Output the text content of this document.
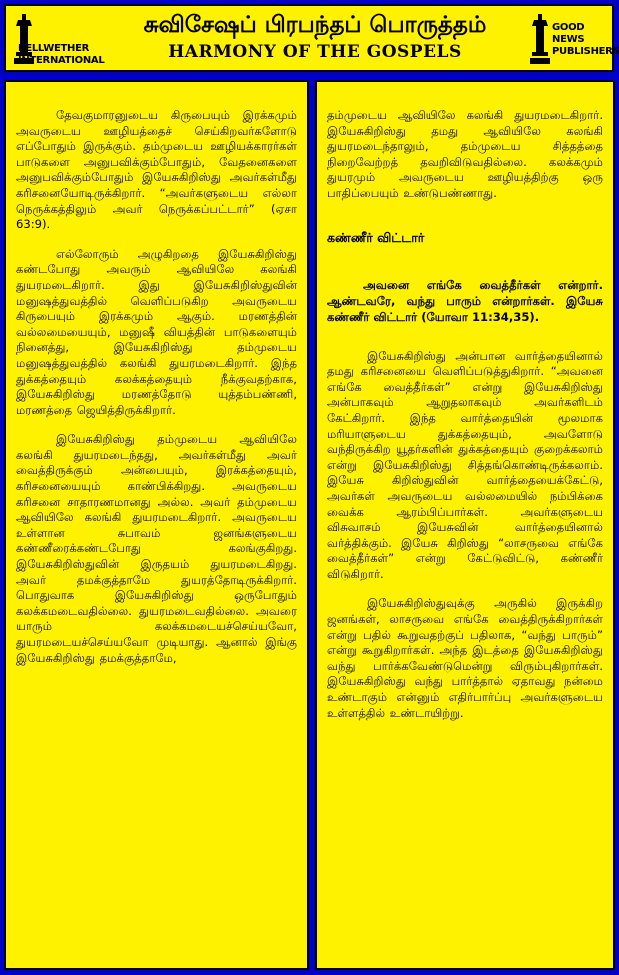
BELLWETHER
INTERNATIONAL
சுவிசேஷப் பிரபந்தப் பொருத்தம்
HARMONY OF THE GOSPELS
GOOD NEWS
PUBLISHERS

தேவகுமாரனுடைய கிருபையும் இரக்கமும் அவருடைய ஊழியத்தைச் செய்கிறவர்களோடு எப்போதும் இருக்கும். தம்முடைய ஊழியக்காரர்கள் பாடுகளை அனுபவிக்கும்போதும், வேதனைகளை அனுபவிக்கும்போதும் இயேசுகிறிஸ்து அவர்கள்மீது கரிசனையோடிருக்கிறார். “அவர்களுடைய எல்லா நெருக்கத்திலும் அவர் நெருக்கப்பட்டார்” (ஏசா 63:9).

எல்லோரும் அழுகிறதை இயேசுகிறிஸ்து கண்டபோது அவரும் ஆவியிலே கலங்கி துயரமடைகிறார். இது இயேசுகிறிஸ்துவின் மனுஷத்துவத்தில் வெளிப்படுகிற அவருடைய கிருபையும் இரக்கமும் ஆகும். மரணத்தின் வல்லமையையும், மனுஷீ வியத்தின் பாடுகளையும் நினைத்து, இயேசுகிறிஸ்து தம்முடைய மனுஷத்துவத்தில் கலங்கி துயரமடைகிறார். இந்த துக்கத்தையும் கலக்கத்தையும் நீக்குவதற்காக, இயேசுகிறிஸ்து மரணத்தோடு யுத்தம்பண்ணி, மரணத்தை ஜெயித்திருக்கிறார்.

இயேசுகிறிஸ்து தம்முடைய ஆவியிலே கலங்கி துயரமடைந்தது, அவர்கள்மீது அவர் வைத்திருக்கும் அன்பையும், இரக்கத்தையும், கரிசனையையும் காண்பிக்கிறது. அவருடைய கரிசனை சாதாரணமானது அல்ல. அவர் தம்முடைய ஆவியிலே கலங்கி துயரமடைகிறார். அவருடைய உள்ளான சுபாவம் ஜனங்களுடைய கண்ணீரைக்கண்டபோது கலங்குகிறது. இயேசுகிறிஸ்துவின் இருதயம் துயரமடைகிறது. அவர் தமக்குத்தாமே துயரத்தோடிருக்கிறார். பொதுவாக இயேசுகிறிஸ்து ஒருபோதும் கலக்கமடைவதில்லை. துயரமடைவதில்லை. அவரை யாரும் கலக்கமடையச்செய்யவோ, துயரமடையச்செய்யவோ முடியாது. ஆனால் இங்கு இயேசுகிறிஸ்து தமக்குத்தாமே,

தம்முடைய ஆவியிலே கலங்கி துயரமடைகிறார். இயேசுகிறிஸ்து தமது ஆவியிலே கலங்கி துயரமடைந்தாலும், தம்முடைய சித்தத்தை நிறைவேற்றத் தவறிவிடுவதில்லை. கலக்கமும் துயரமும் அவருடைய ஊழியத்திற்கு ஒரு பாதிப்பையும் உண்டுபண்ணாது.

கண்ணீர் விட்டார்

அவனை எங்கே வைத்தீர்கள் என்றார். ஆண்டவரே, வந்து பாரும் என்றார்கள். இயேசு கண்ணீர் விட்டார் (யோவா 11:34,35).

இயேசுகிறிஸ்து அன்பான வார்த்தையினால் தமது கரிசனையை வெளிப்படுத்துகிறார். “அவனை எங்கே வைத்தீர்கள்” என்று இயேசுகிறிஸ்து அன்பாகவும் ஆறுதலாகவும் அவர்களிடம் கேட்கிறார். இந்த வார்த்தையின் மூலமாக மரியாளுடைய துக்கத்தையும், அவளோடு வந்திருக்கிற யூதர்களின் துக்கத்தையும் குறைக்கலாம் என்று இயேசுகிறிஸ்து சித்தங்கொண்டிருக்கலாம். இயேசு கிறிஸ்துவின் வார்த்தையைக்கேட்டு, அவர்கள் அவருடைய வல்லமையில் நம்பிக்கை வைக்க ஆரம்பிப்பார்கள். அவர்களுடைய விசுவாசம் இயேசுவின் வார்த்தையினால் வர்த்திக்கும். இயேசு கிறிஸ்து “லாசருவை எங்கே வைத்தீர்கள்” என்று கேட்டுவிட்டு, கண்ணீர் விடுகிறார்.

இயேசுகிறிஸ்துவுக்கு அருகில் இருக்கிற ஜனங்கள், லாசருவை எங்கே வைத்திருக்கிறார்கள் என்று பதில் கூறுவதற்குப் பதிலாக, “வந்து பாரும்” என்று கூறுகிறார்கள். அந்த இடத்தை இயேசுகிறிஸ்து வந்து பார்க்கவேண்டுமென்று விரும்புகிறார்கள். இயேசுகிறிஸ்து வந்து பார்த்தால் ஏதாவது நன்மை உண்டாகும் என்னும் எதிர்பார்ப்பு அவர்களுடைய உள்ளத்தில் உண்டாயிற்று.
